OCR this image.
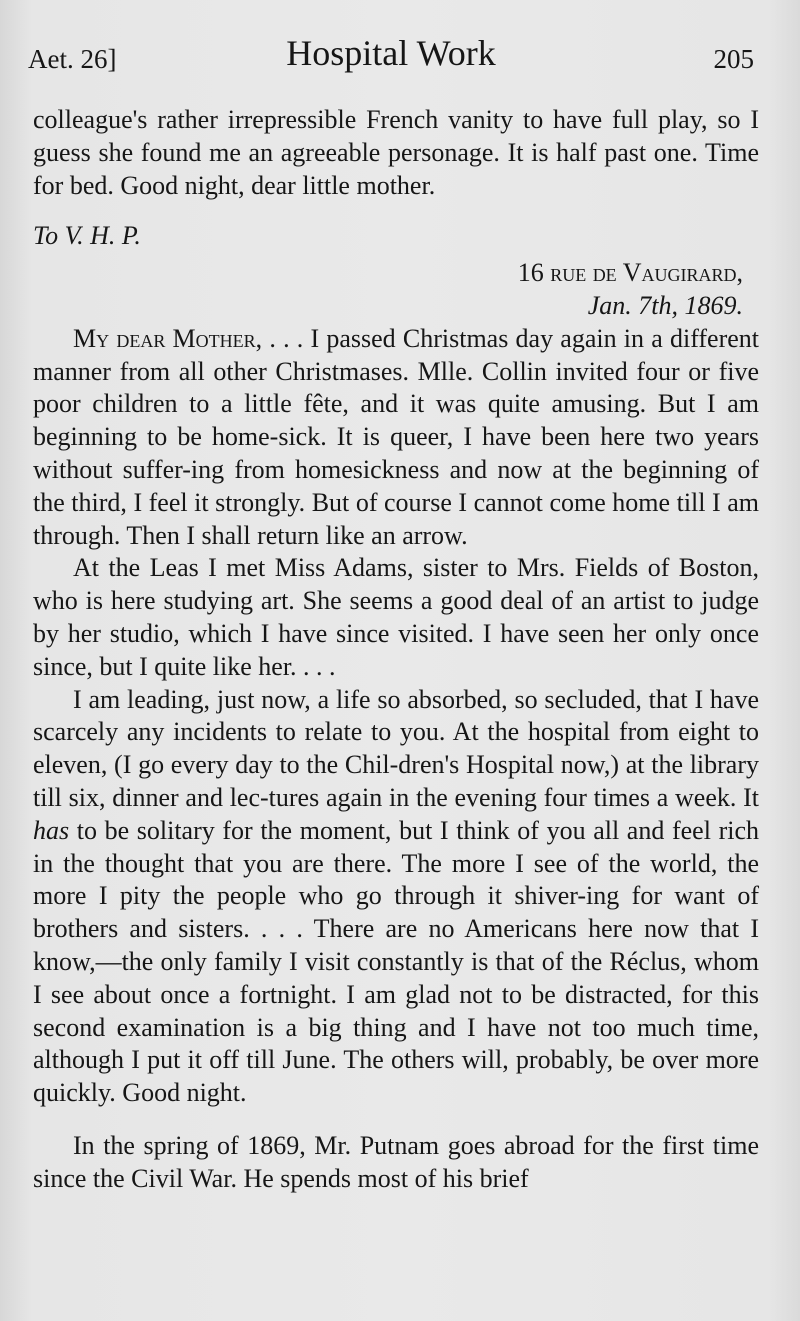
Aet. 26]	Hospital Work	205

colleague's rather irrepressible French vanity to have full play, so I guess she found me an agreeable personage. It is half past one. Time for bed. Good night, dear little mother.

To V. H. P.
16 rue de Vaugirard,
Jan. 7th, 1869.

My dear Mother, . . . I passed Christmas day again in a different manner from all other Christmases. Mlle. Collin invited four or five poor children to a little fête, and it was quite amusing. But I am beginning to be home-sick. It is queer, I have been here two years without suffer-ing from homesickness and now at the beginning of the third, I feel it strongly. But of course I cannot come home till I am through. Then I shall return like an arrow.

At the Leas I met Miss Adams, sister to Mrs. Fields of Boston, who is here studying art. She seems a good deal of an artist to judge by her studio, which I have since visited. I have seen her only once since, but I quite like her. . . .

I am leading, just now, a life so absorbed, so secluded, that I have scarcely any incidents to relate to you. At the hospital from eight to eleven, (I go every day to the Chil-dren's Hospital now,) at the library till six, dinner and lec-tures again in the evening four times a week. It has to be solitary for the moment, but I think of you all and feel rich in the thought that you are there. The more I see of the world, the more I pity the people who go through it shiver-ing for want of brothers and sisters. . . . There are no Americans here now that I know,—the only family I visit constantly is that of the Réclus, whom I see about once a fortnight. I am glad not to be distracted, for this second examination is a big thing and I have not too much time, although I put it off till June. The others will, probably, be over more quickly. Good night.

In the spring of 1869, Mr. Putnam goes abroad for the first time since the Civil War. He spends most of his brief
